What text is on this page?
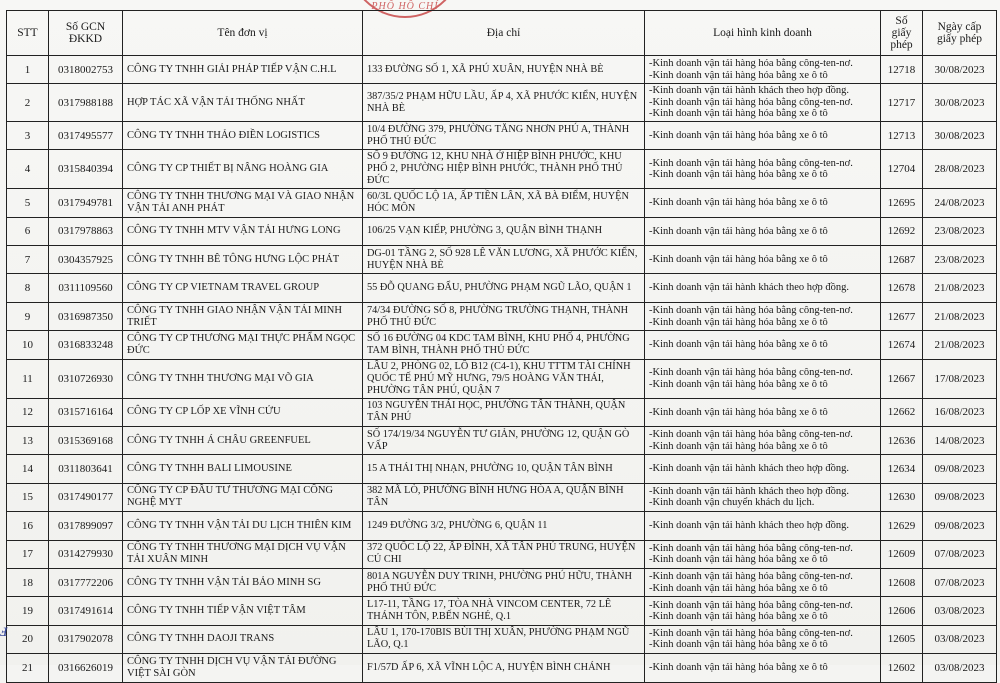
PHỐ HỒ CHÍ
STT	Số GCN ĐKKD	Tên đơn vị	Địa chỉ	Loại hình kinh doanh	Số giấy phép	Ngày cấp giấy phép
1	0318002753	CÔNG TY TNHH GIẢI PHÁP TIẾP VẬN C.H.L	133 ĐƯỜNG SỐ 1, XÃ PHÚ XUÂN, HUYỆN NHÀ BÈ	-Kinh doanh vận tải hàng hóa bằng công-ten-nơ.
-Kinh doanh vận tải hàng hóa bằng xe ô tô	12718	30/08/2023
2	0317988188	HỢP TÁC XÃ VẬN TẢI THỐNG NHẤT	387/35/2 PHẠM HỮU LẦU, ẤP 4, XÃ PHƯỚC KIỂN, HUYỆN NHÀ BÈ	-Kinh doanh vận tải hành khách theo hợp đồng.
-Kinh doanh vận tải hàng hóa bằng công-ten-nơ.
-Kinh doanh vận tải hàng hóa bằng xe ô tô	12717	30/08/2023
3	0317495577	CÔNG TY TNHH THẢO ĐIỀN LOGISTICS	10/4 ĐƯỜNG 379, PHƯỜNG TĂNG NHƠN PHÚ A, THÀNH PHỐ THỦ ĐỨC	-Kinh doanh vận tải hàng hóa bằng xe ô tô	12713	30/08/2023
4	0315840394	CÔNG TY CP THIẾT BỊ NÂNG HOÀNG GIA	SỐ 9 ĐƯỜNG 12, KHU NHÀ Ở HIỆP BÌNH PHƯỚC, KHU PHỐ 2, PHƯỜNG HIỆP BÌNH PHƯỚC, THÀNH PHỐ THỦ ĐỨC	-Kinh doanh vận tải hàng hóa bằng công-ten-nơ.
-Kinh doanh vận tải hàng hóa bằng xe ô tô	12704	28/08/2023
5	0317949781	CÔNG TY TNHH THƯƠNG MẠI VÀ GIAO NHẬN VẬN TẢI ANH PHÁT	60/3L QUỐC LỘ 1A, ẤP TIỀN LÂN, XÃ BÀ ĐIỂM, HUYỆN HÓC MÔN	-Kinh doanh vận tải hàng hóa bằng xe ô tô	12695	24/08/2023
6	0317978863	CÔNG TY TNHH MTV VẬN TẢI HƯNG LONG	106/25 VẠN KIẾP, PHƯỜNG 3, QUẬN BÌNH THẠNH	-Kinh doanh vận tải hàng hóa bằng xe ô tô	12692	23/08/2023
7	0304357925	CÔNG TY TNHH BÊ TÔNG HƯNG LỘC PHÁT	DG-01 TẦNG 2, SỐ 928 LÊ VĂN LƯƠNG, XÃ PHƯỚC KIỂN, HUYỆN NHÀ BÈ	-Kinh doanh vận tải hàng hóa bằng xe ô tô	12687	23/08/2023
8	0311109560	CÔNG TY CP VIETNAM TRAVEL GROUP	55 ĐỖ QUANG ĐẨU, PHƯỜNG PHẠM NGŨ LÃO, QUẬN 1	-Kinh doanh vận tải hành khách theo hợp đồng.	12678	21/08/2023
9	0316987350	CÔNG TY TNHH GIAO NHẬN VẬN TẢI MINH TRIẾT	74/34 ĐƯỜNG SỐ 8, PHƯỜNG TRƯỜNG THẠNH, THÀNH PHỐ THỦ ĐỨC	-Kinh doanh vận tải hàng hóa bằng công-ten-nơ.
-Kinh doanh vận tải hàng hóa bằng xe ô tô	12677	21/08/2023
10	0316833248	CÔNG TY CP THƯƠNG MẠI THỰC PHẨM NGỌC ĐỨC	SỐ 16 ĐƯỜNG 04 KDC TAM BÌNH, KHU PHỐ 4, PHƯỜNG TAM BÌNH, THÀNH PHỐ THỦ ĐỨC	-Kinh doanh vận tải hàng hóa bằng xe ô tô	12674	21/08/2023
11	0310726930	CÔNG TY TNHH THƯƠNG MẠI VÕ GIA	LẦU 2, PHÒNG 02, LÔ B12 (C4-1), KHU TTTM TÀI CHÍNH QUỐC TẾ PHÚ MỸ HƯNG, 79/5 HOÀNG VĂN THÁI, PHƯỜNG TÂN PHÚ, QUẬN 7	-Kinh doanh vận tải hàng hóa bằng công-ten-nơ.
-Kinh doanh vận tải hàng hóa bằng xe ô tô	12667	17/08/2023
12	0315716164	CÔNG TY CP LỐP XE VĨNH CỬU	103 NGUYỄN THÁI HỌC, PHƯỜNG TÂN THÀNH, QUẬN TÂN PHÚ	-Kinh doanh vận tải hàng hóa bằng xe ô tô	12662	16/08/2023
13	0315369168	CÔNG TY TNHH Á CHÂU GREENFUEL	SỐ 174/19/34 NGUYỄN TƯ GIẢN, PHƯỜNG 12, QUẬN GÒ VẤP	-Kinh doanh vận tải hàng hóa bằng công-ten-nơ.
-Kinh doanh vận tải hàng hóa bằng xe ô tô	12636	14/08/2023
14	0311803641	CÔNG TY TNHH BALI LIMOUSINE	15 A THÁI THỊ NHẠN, PHƯỜNG 10, QUẬN TÂN BÌNH	-Kinh doanh vận tải hành khách theo hợp đồng.	12634	09/08/2023
15	0317490177	CÔNG TY CP ĐẦU TƯ THƯƠNG MẠI CÔNG NGHỆ MYT	382 MÃ LÒ, PHƯỜNG BÌNH HƯNG HÒA A, QUẬN BÌNH TÂN	-Kinh doanh vận tải hành khách theo hợp đồng.
-Kinh doanh vận chuyển khách du lịch.	12630	09/08/2023
16	0317899097	CÔNG TY TNHH VẬN TẢI DU LỊCH THIÊN KIM	1249 ĐƯỜNG 3/2, PHƯỜNG 6, QUẬN 11	-Kinh doanh vận tải hành khách theo hợp đồng.	12629	09/08/2023
17	0314279930	CÔNG TY TNHH THƯƠNG MẠI DỊCH VỤ VẬN TẢI XUÂN MINH	372 QUỐC LỘ 22, ẤP ĐÌNH, XÃ TÂN PHÚ TRUNG, HUYỆN CỦ CHI	-Kinh doanh vận tải hàng hóa bằng công-ten-nơ.
-Kinh doanh vận tải hàng hóa bằng xe ô tô	12609	07/08/2023
18	0317772206	CÔNG TY TNHH VẬN TẢI BẢO MINH SG	801A NGUYỄN DUY TRINH, PHƯỜNG PHÚ HỮU, THÀNH PHỐ THỦ ĐỨC	-Kinh doanh vận tải hàng hóa bằng công-ten-nơ.
-Kinh doanh vận tải hàng hóa bằng xe ô tô	12608	07/08/2023
19	0317491614	CÔNG TY TNHH TIẾP VẬN VIỆT TÂM	L17-11, TẦNG 17, TÒA NHÀ VINCOM CENTER, 72 LÊ THÁNH TÔN, P.BẾN NGHÉ, Q.1	-Kinh doanh vận tải hàng hóa bằng công-ten-nơ.
-Kinh doanh vận tải hàng hóa bằng xe ô tô	12606	03/08/2023
20	0317902078	CÔNG TY TNHH DAOJI TRANS	LẦU 1, 170-170BIS BÙI THỊ XUÂN, PHƯỜNG PHẠM NGŨ LÃO, Q.1	-Kinh doanh vận tải hàng hóa bằng công-ten-nơ.
-Kinh doanh vận tải hàng hóa bằng xe ô tô	12605	03/08/2023
21	0316626019	CÔNG TY TNHH DỊCH VỤ VẬN TẢI ĐƯỜNG VIỆT SÀI GÒN	F1/57D ẤP 6, XÃ VĨNH LỘC A, HUYỆN BÌNH CHÁNH	-Kinh doanh vận tải hàng hóa bằng xe ô tô	12602	03/08/2023
ⅎ
